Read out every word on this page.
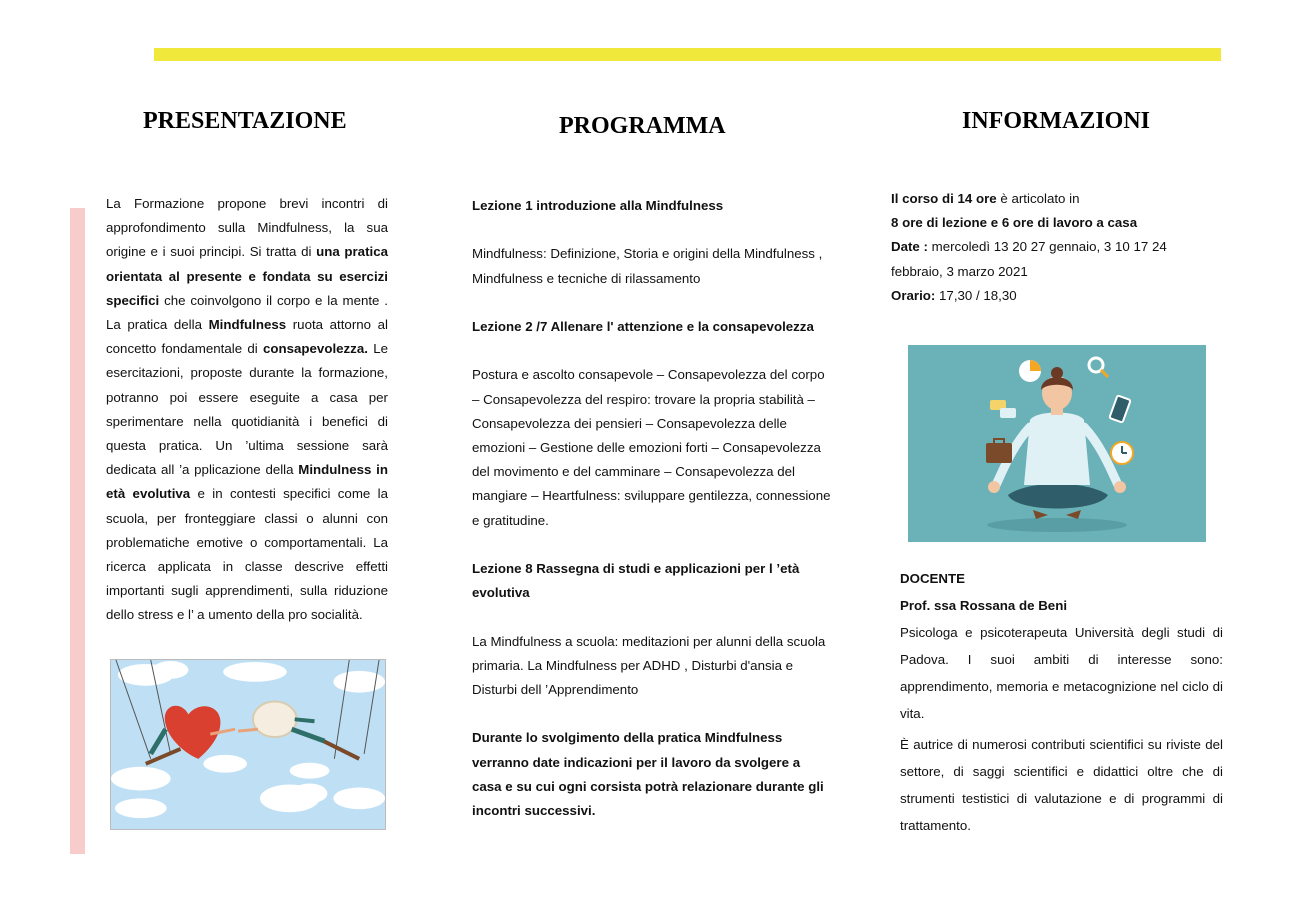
PRESENTAZIONE	PROGRAMMA	INFORMAZIONI

La Formazione propone brevi incontri di approfondimento sulla Mindfulness, la sua origine e i suoi principi. Si tratta di una pratica orientata al presente e fondata su esercizi specifici che coinvolgono il corpo e la mente . La pratica della Mindfulness ruota attorno al concetto fondamentale di consapevolezza. Le esercitazioni, proposte durante la formazione, potranno poi essere eseguite a casa per sperimentare nella quotidianità i benefici di questa pratica. Un ’ultima sessione sarà dedicata all ’a pplicazione della Mindulness in età evolutiva e in contesti specifici come la scuola, per fronteggiare classi o alunni con problematiche emotive o comportamentali. La ricerca applicata in classe descrive effetti importanti sugli apprendimenti, sulla riduzione dello stress e l’ a umento della pro socialità.

Lezione 1 introduzione alla Mindfulness

Mindfulness: Definizione, Storia e origini della Mindfulness , Mindfulness e tecniche di rilassamento

Lezione 2 /7 Allenare l' attenzione e la consapevolezza

Postura e ascolto consapevole – Consapevolezza del corpo – Consapevolezza del respiro: trovare la propria stabilità – Consapevolezza dei pensieri – Consapevolezza delle emozioni – Gestione delle emozioni forti – Consapevolezza del movimento e del camminare – Consapevolezza del mangiare – Heartfulness: sviluppare gentilezza, connessione e gratitudine.

Lezione 8 Rassegna di studi e applicazioni per l ’età evolutiva

La Mindfulness a scuola: meditazioni per alunni della scuola primaria. La Mindfulness per ADHD , Disturbi d'ansia e Disturbi dell ’Apprendimento

Durante lo svolgimento della pratica Mindfulness verranno date indicazioni per il lavoro da svolgere a casa e su cui ogni corsista potrà relazionare durante gli incontri successivi.

Il corso di 14 ore è articolato in

8 ore di lezione e 6 ore di lavoro a casa

Date : mercoledì 13 20 27 gennaio, 3 10 17 24 febbraio, 3 marzo 2021

Orario: 17,30 / 18,30

DOCENTE

Prof. ssa Rossana de Beni

Psicologa e psicoterapeuta Università degli studi di Padova. I suoi ambiti di interesse sono: apprendimento, memoria e metacognizione nel ciclo di vita.

È autrice di numerosi contributi scientifici su riviste del settore, di saggi scientifici e didattici oltre che di strumenti testistici di valutazione e di programmi di trattamento.
